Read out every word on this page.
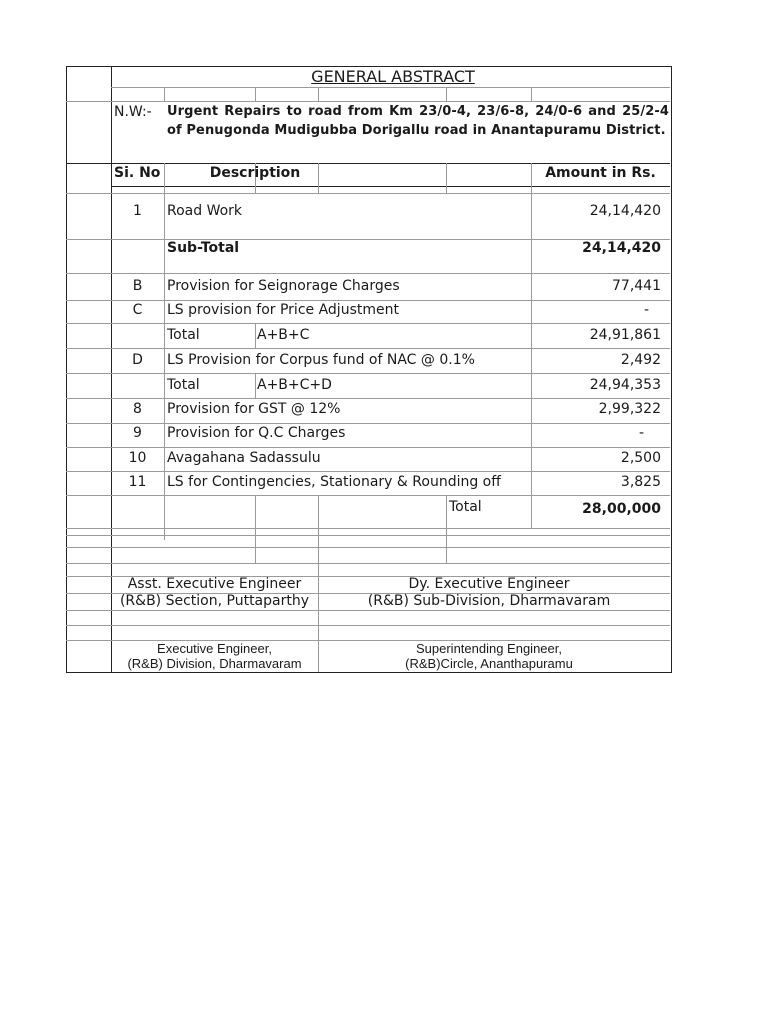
GENERAL ABSTRACT
N.W:- Urgent Repairs to road from Km 23/0-4, 23/6-8, 24/0-6 and 25/2-4 of Penugonda Mudigubba Dorigallu road in Anantapuramu District.
Si. No	Description	Amount in Rs.
1	Road Work	24,14,420
Sub-Total	24,14,420
B	Provision for Seignorage Charges	77,441
C	LS provision for Price Adjustment	-
Total	A+B+C	24,91,861
D	LS Provision for Corpus fund of NAC @ 0.1%	2,492
Total	A+B+C+D	24,94,353
8	Provision for GST @ 12%	2,99,322
9	Provision for Q.C Charges	-
10	Avagahana Sadassulu	2,500
11	LS for Contingencies, Stationary & Rounding off	3,825
Total	28,00,000
Asst. Executive Engineer
(R&B) Section, Puttaparthy
Dy. Executive Engineer
(R&B) Sub-Division, Dharmavaram
Executive Engineer,
(R&B) Division, Dharmavaram
Superintending Engineer,
(R&B)Circle, Ananthapuramu
